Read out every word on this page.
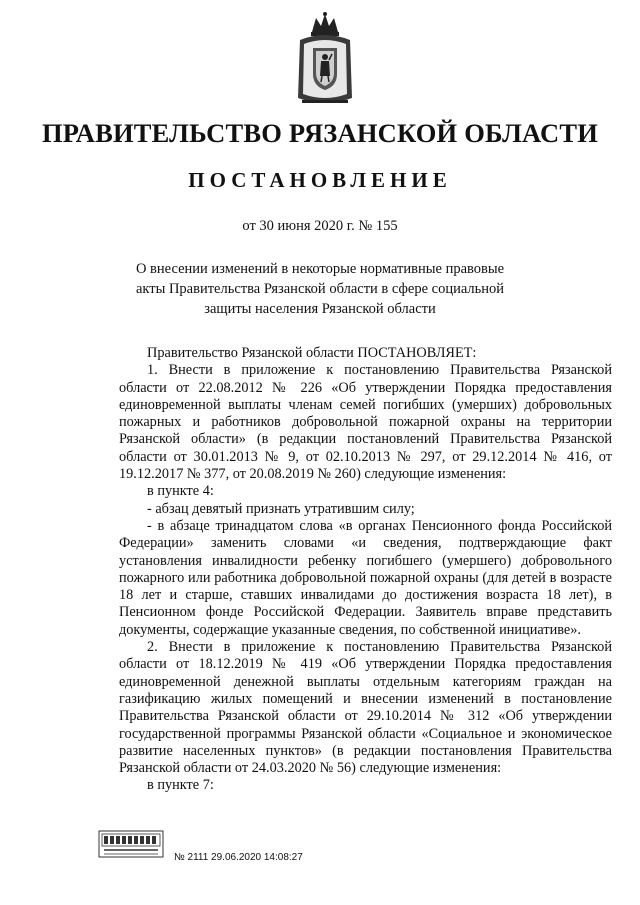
ПРАВИТЕЛЬСТВО РЯЗАНСКОЙ ОБЛАСТИ
ПОСТАНОВЛЕНИЕ
от 30 июня 2020 г. № 155
О внесении изменений в некоторые нормативные правовые акты Правительства Рязанской области в сфере социальной защиты населения Рязанской области

Правительство Рязанской области ПОСТАНОВЛЯЕТ:

1. Внести в приложение к постановлению Правительства Рязанской области от 22.08.2012 № 226 «Об утверждении Порядка предоставления единовременной выплаты членам семей погибших (умерших) добровольных пожарных и работников добровольной пожарной охраны на территории Рязанской области» (в редакции постановлений Правительства Рязанской области от 30.01.2013 № 9, от 02.10.2013 № 297, от 29.12.2014 № 416, от 19.12.2017 № 377, от 20.08.2019 № 260) следующие изменения:

в пункте 4:

- абзац девятый признать утратившим силу;

- в абзаце тринадцатом слова «в органах Пенсионного фонда Российской Федерации» заменить словами «и сведения, подтверждающие факт установления инвалидности ребенку погибшего (умершего) добровольного пожарного или работника добровольной пожарной охраны (для детей в возрасте 18 лет и старше, ставших инвалидами до достижения возраста 18 лет), в Пенсионном фонде Российской Федерации. Заявитель вправе представить документы, содержащие указанные сведения, по собственной инициативе».

2. Внести в приложение к постановлению Правительства Рязанской области от 18.12.2019 № 419 «Об утверждении Порядка предоставления единовременной денежной выплаты отдельным категориям граждан на газификацию жилых помещений и внесении изменений в постановление Правительства Рязанской области от 29.10.2014 № 312 «Об утверждении государственной программы Рязанской области «Социальное и экономическое развитие населенных пунктов» (в редакции постановления Правительства Рязанской области от 24.03.2020 № 56) следующие изменения:

в пункте 7:

№ 2111 29.06.2020 14:08:27
